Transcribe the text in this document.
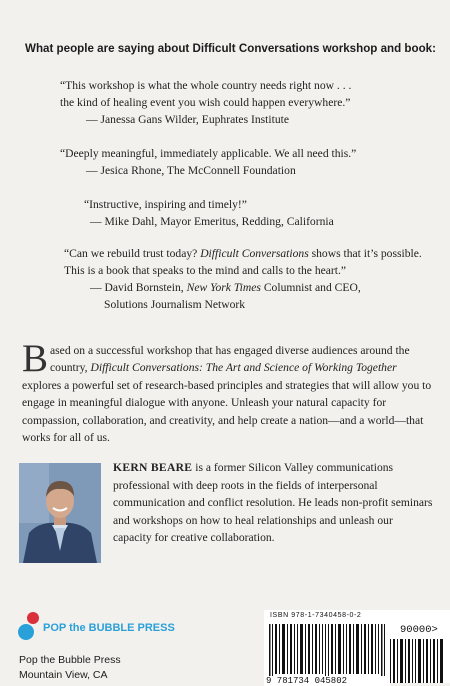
What people are saying about Difficult Conversations workshop and book:

“This workshop is what the whole country needs right now . . .

the kind of healing event you wish could happen everywhere.”

— Janessa Gans Wilder, Euphrates Institute

“Deeply meaningful, immediately applicable. We all need this.”

— Jesica Rhone, The McConnell Foundation

“Instructive, inspiring and timely!”

— Mike Dahl, Mayor Emeritus, Redding, California

“Can we rebuild trust today? Difficult Conversations shows that it’s possible.

This is a book that speaks to the mind and calls to the heart.”

— David Bornstein, New York Times Columnist and CEO,

Solutions Journalism Network

Based on a successful workshop that has engaged diverse audiences around the country, Difficult Conversations: The Art and Science of Working Together explores a powerful set of research-based principles and strategies that will allow you to engage in meaningful dialogue with anyone. Unleash your natural capacity for compassion, collaboration, and creativity, and help create a nation—and a world—that works for all of us.

KERN BEARE is a former Silicon Valley communications professional with deep roots in the fields of interpersonal communication and conflict resolution. He leads non-profit seminars and workshops on how to heal relationships and unleash our capacity for creative collaboration.

POP the BUBBLE PRESS
Pop the Bubble Press
Mountain View, CA
ISBN 978-1-7340458-0-2
90000>
9 781734 045802
